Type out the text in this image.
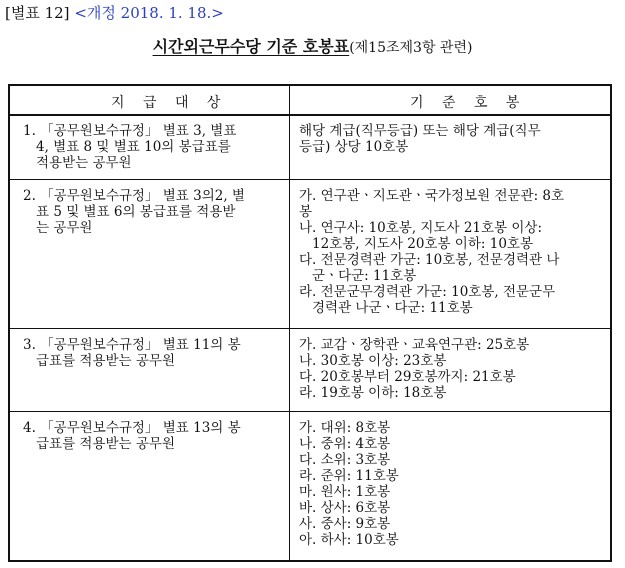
[별표 12] <개정 2018. 1. 18.>
시간외근무수당 기준 호봉표(제15조제3항 관련)
지 급 대 상	기 준 호 봉
1. 「공무원보수규정」 별표 3, 별표
4, 별표 8 및 별표 10의 봉급표를
적용받는 공무원
해당 계급(직무등급) 또는 해당 계급(직무
등급) 상당 10호봉
2. 「공무원보수규정」 별표 3의2, 별
표 5 및 별표 6의 봉급표를 적용받
는 공무원
가. 연구관ㆍ지도관ㆍ국가정보원 전문관: 8호
봉
나. 연구사: 10호봉, 지도사 21호봉 이상:
12호봉, 지도사 20호봉 이하: 10호봉
다. 전문경력관 가군: 10호봉, 전문경력관 나
군ㆍ다군: 11호봉
라. 전문군무경력관 가군: 10호봉, 전문군무
경력관 나군ㆍ다군: 11호봉
3. 「공무원보수규정」 별표 11의 봉
급표를 적용받는 공무원
가. 교감ㆍ장학관ㆍ교육연구관: 25호봉
나. 30호봉 이상: 23호봉
다. 20호봉부터 29호봉까지: 21호봉
라. 19호봉 이하: 18호봉
4. 「공무원보수규정」 별표 13의 봉
급표를 적용받는 공무원
가. 대위: 8호봉
나. 중위: 4호봉
다. 소위: 3호봉
라. 준위: 11호봉
마. 원사: 1호봉
바. 상사: 6호봉
사. 중사: 9호봉
아. 하사: 10호봉
